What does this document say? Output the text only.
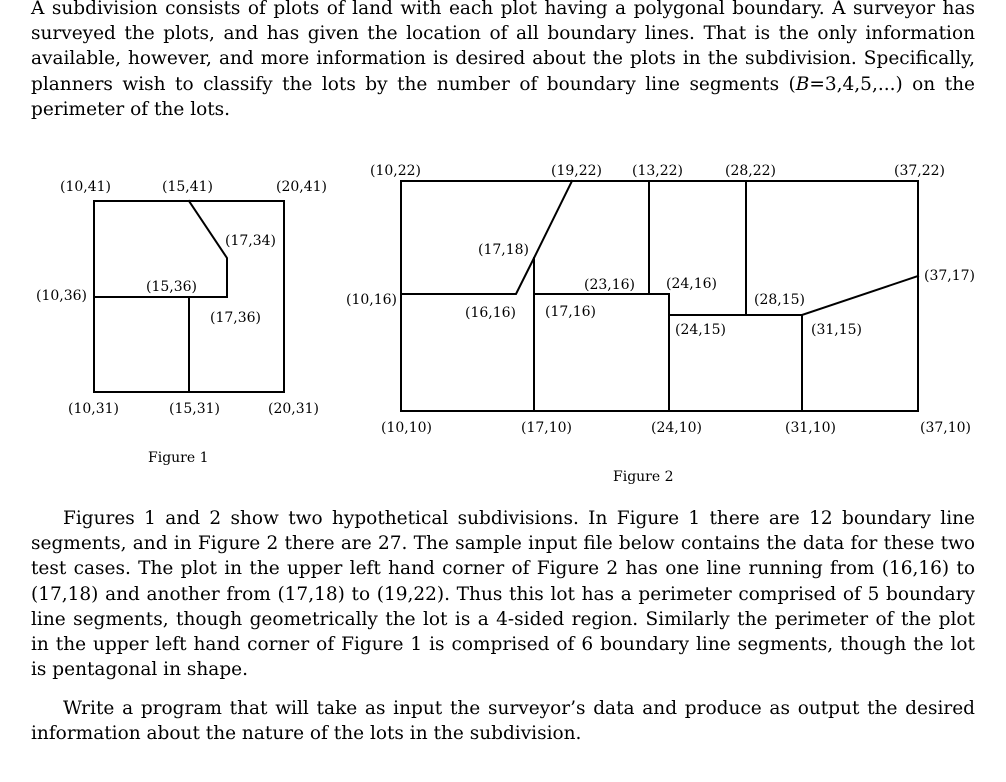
A subdivision consists of plots of land with each plot having a polygonal boundary. A surveyor has surveyed the plots, and has given the location of all boundary lines. That is the only information available, however, and more information is desired about the plots in the subdivision. Specifically, planners wish to classify the lots by the number of boundary line segments (B=3,4,5,...) on the perimeter of the lots.

(10,41)	(15,41)	(20,41)
(17,34)
(10,36)
(15,36)
(17,36)
(10,31)	(15,31)	(20,31)
Figure 1
(10,22)	(19,22) (13,22)	(28,22)	(37,22)
(17,18)
(37,17)
(23,16) (24,16)
(10,16)	(28,15)
(16,16) (17,16)
(24,15)	(31,15)
(10,10)	(17,10)	(24,10)	(31,10)	(37,10)
Figure 2

Figures 1 and 2 show two hypothetical subdivisions. In Figure 1 there are 12 boundary line segments, and in Figure 2 there are 27. The sample input file below contains the data for these two test cases. The plot in the upper left hand corner of Figure 2 has one line running from (16,16) to (17,18) and another from (17,18) to (19,22). Thus this lot has a perimeter comprised of 5 boundary line segments, though geometrically the lot is a 4-sided region. Similarly the perimeter of the plot in the upper left hand corner of Figure 1 is comprised of 6 boundary line segments, though the lot is pentagonal in shape.

Write a program that will take as input the surveyor’s data and produce as output the desired information about the nature of the lots in the subdivision.
